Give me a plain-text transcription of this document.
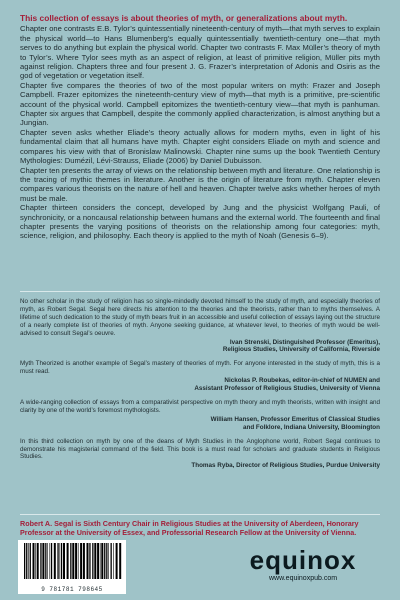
This collection of essays is about theories of myth, or generalizations about myth.

Chapter one contrasts E.B. Tylor’s quintessentially nineteenth-century of myth—that myth serves to explain the physical world—to Hans Blumenberg’s equally quintessentially twentieth-century one—that myth serves to do anything but explain the physical world. Chapter two contrasts F. Max Müller’s theory of myth to Tylor’s. Where Tylor sees myth as an aspect of religion, at least of primitive religion, Müller pits myth against religion. Chapters three and four present J. G. Frazer’s interpretation of Adonis and Osiris as the god of vegetation or vegetation itself.

Chapter five compares the theories of two of the most popular writers on myth: Frazer and Joseph Campbell. Frazer epitomizes the nineteenth-century view of myth—that myth is a primitive, pre-scientific account of the physical world. Campbell epitomizes the twentieth-century view—that myth is panhuman. Chapter six argues that Campbell, despite the commonly applied characterization, is almost anything but a Jungian.

Chapter seven asks whether Eliade’s theory actually allows for modern myths, even in light of his fundamental claim that all humans have myth. Chapter eight considers Eliade on myth and science and compares his view with that of Bronislaw Malinowski. Chapter nine sums up the book Twentieth Century Mythologies: Dumézil, Lévi-Strauss, Eliade (2006) by Daniel Dubuisson.

Chapter ten presents the array of views on the relationship between myth and literature. One relationship is the tracing of mythic themes in literature. Another is the origin of literature from myth. Chapter eleven compares various theorists on the nature of hell and heaven. Chapter twelve asks whether heroes of myth must be male.

Chapter thirteen considers the concept, developed by Jung and the physicist Wolfgang Pauli, of synchronicity, or a noncausal relationship between humans and the external world. The fourteenth and final chapter presents the varying positions of theorists on the relationship among four categories: myth, science, religion, and philosophy. Each theory is applied to the myth of Noah (Genesis 6–9).

No other scholar in the study of religion has so single-mindedly devoted himself to the study of myth, and especially theories of myth, as Robert Segal. Segal here directs his attention to the theories and the theorists, rather than to myths themselves. A lifetime of such dedication to the study of myth bears fruit in an accessible and useful collection of essays laying out the structure of a nearly complete list of theories of myth. Anyone seeking guidance, at whatever level, to theories of myth would be well-advised to consult Segal’s oeuvre.

Ivan Strenski, Distinguished Professor (Emeritus),
Religious Studies, University of California, Riverside

Myth Theorized is another example of Segal’s mastery of theories of myth. For anyone interested in the study of myth, this is a must read.

Nickolas P. Roubekas, editor-in-chief of NUMEN and
Assistant Professor of Religious Studies, University of Vienna

A wide-ranging collection of essays from a comparativist perspective on myth theory and myth theorists, written with insight and clarity by one of the world’s foremost mythologists.

William Hansen, Professor Emeritus of Classical Studies
and Folklore, Indiana University, Bloomington

In this third collection on myth by one of the deans of Myth Studies in the Anglophone world, Robert Segal continues to demonstrate his magisterial command of the field. This book is a must read for scholars and graduate students in Religious Studies.

Thomas Ryba, Director of Religious Studies, Purdue University

Robert A. Segal is Sixth Century Chair in Religious Studies at the University of Aberdeen, Honorary Professor at the University of Essex, and Professorial Research Fellow at the University of Vienna.
9 781781 798645
equinox
www.equinoxpub.com
